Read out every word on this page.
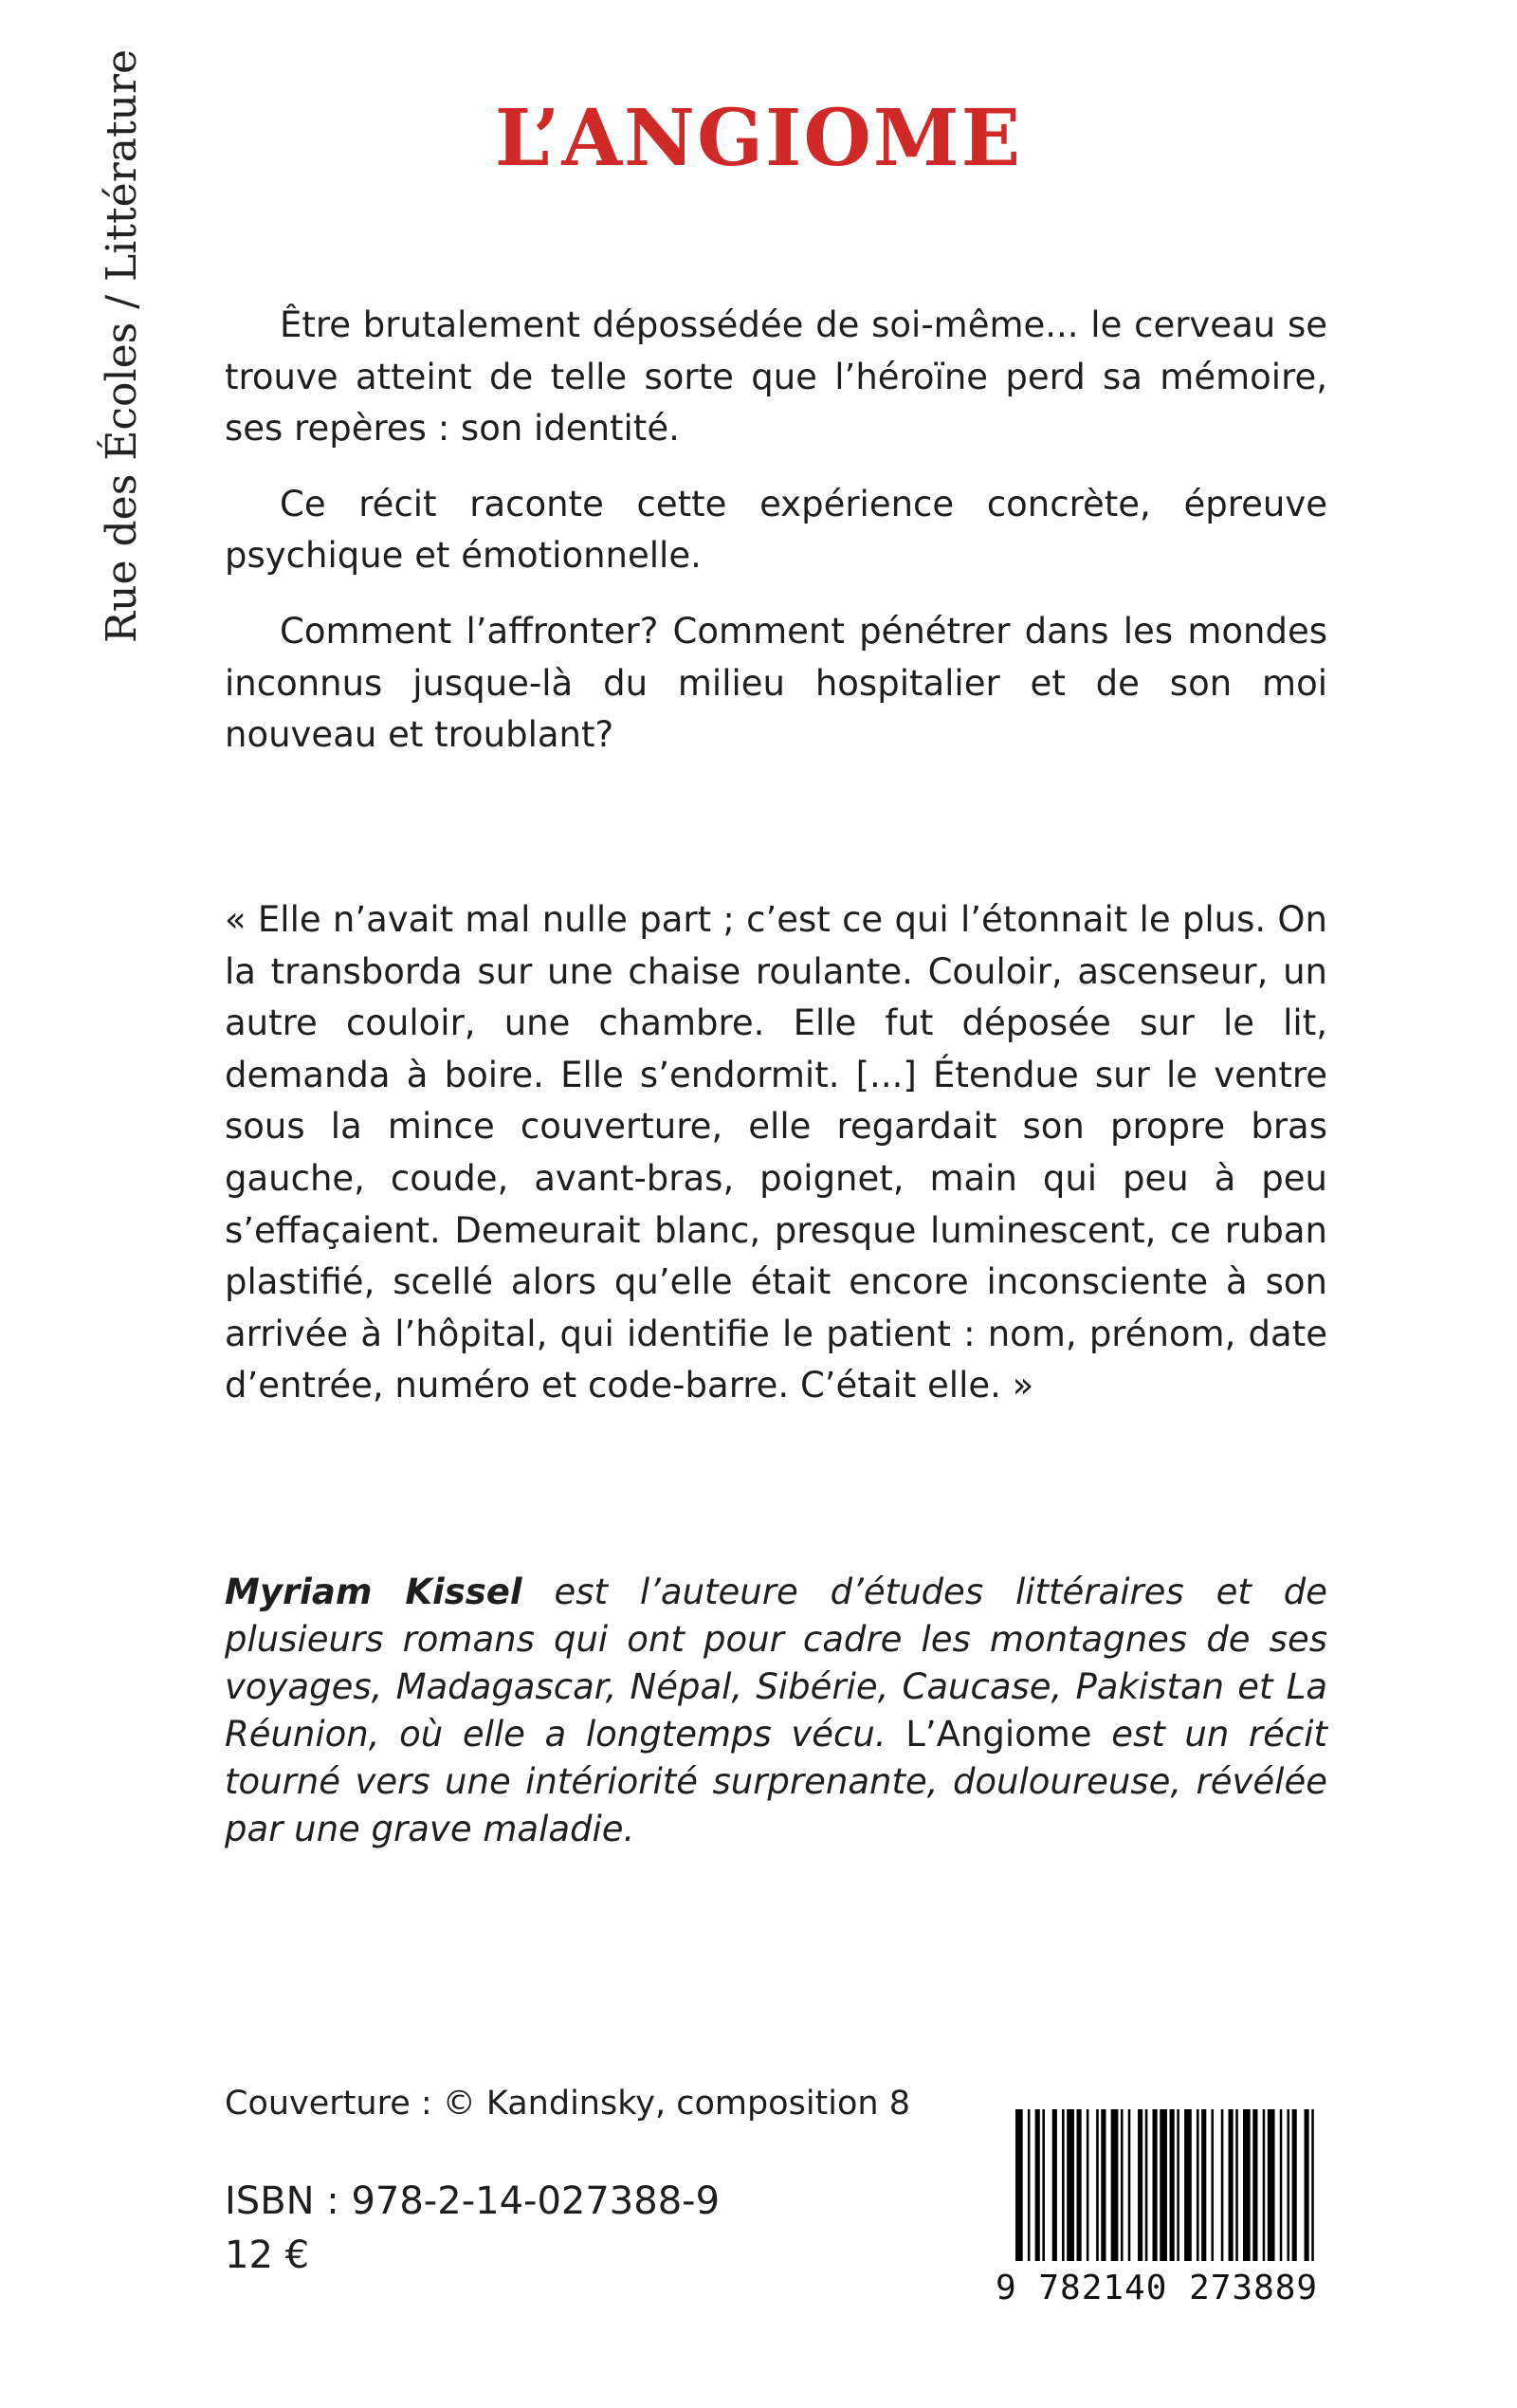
Rue des Écoles / Littérature	L’ANGIOME

Être brutalement dépossédée de soi-même... le cerveau se trouve atteint de telle sorte que l’héroïne perd sa mémoire, ses repères : son identité.

Ce récit raconte cette expérience concrète, épreuve psychique et émotionnelle.

Comment l’affronter? Comment pénétrer dans les mondes inconnus jusque-là du milieu hospitalier et de son moi nouveau et troublant?

« Elle n’avait mal nulle part ; c’est ce qui l’étonnait le plus. On la transborda sur une chaise roulante. Couloir, ascenseur, un autre couloir, une chambre. Elle fut déposée sur le lit, demanda à boire. Elle s’endormit. [...] Étendue sur le ventre sous la mince couverture, elle regardait son propre bras gauche, coude, avant-bras, poignet, main qui peu à peu s’effaçaient. Demeurait blanc, presque luminescent, ce ruban plastifié, scellé alors qu’elle était encore inconsciente à son arrivée à l’hôpital, qui identifie le patient : nom, prénom, date d’entrée, numéro et code-barre. C’était elle. »

Myriam Kissel est l’auteure d’études littéraires et de plusieurs romans qui ont pour cadre les montagnes de ses voyages, Madagascar, Népal, Sibérie, Caucase, Pakistan et La Réunion, où elle a longtemps vécu. L’Angiome est un récit tourné vers une intériorité surprenante, douloureuse, révélée par une grave maladie.

Couverture : © Kandinsky, composition 8
ISBN : 978-2-14-027388-9
12 €
9 782140 273889
